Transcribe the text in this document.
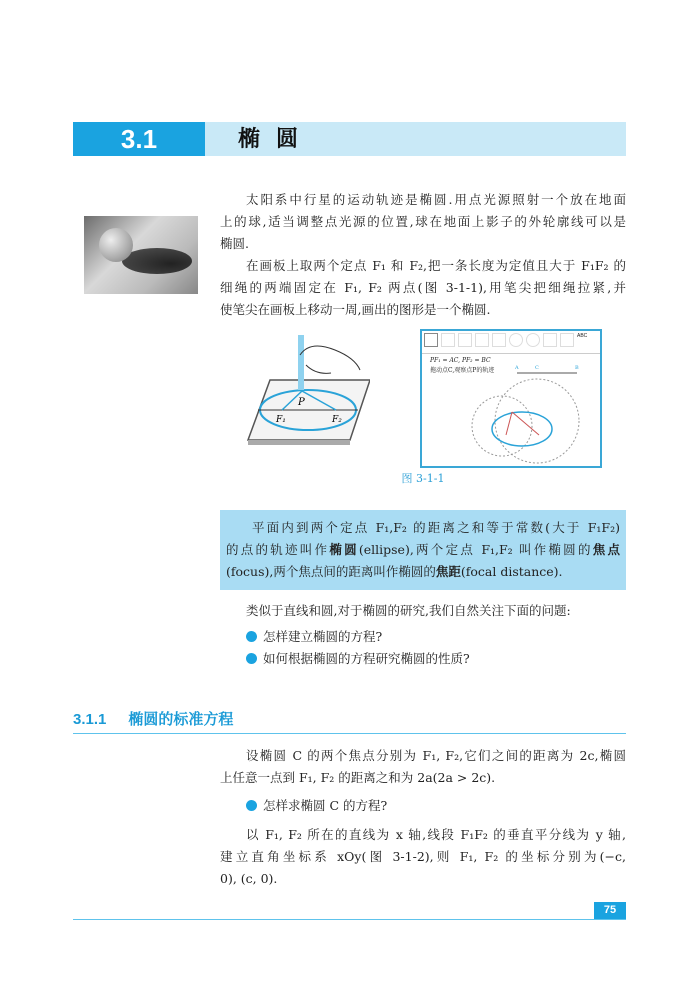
3.1	椭圆
太阳系中行星的运动轨迹是椭圆.用点光源照射一个放在地面
上的球,适当调整点光源的位置,球在地面上影子的外轮廓线可以是
椭圆.
在画板上取两个定点 F₁ 和 F₂,把一条长度为定值且大于 F₁F₂ 的
细绳的两端固定在 F₁, F₂ 两点(图 3-1-1),用笔尖把细绳拉紧,并
使笔尖在画板上移动一周,画出的图形是一个椭圆.
P
F₁	F₂
ABC
PF₁ = AC, PF₂ = BC
拖动点C,观察点P的轨迹	A	C	B
图 3-1-1
平面内到两个定点 F₁,F₂ 的距离之和等于常数(大于 F₁F₂)
的点的轨迹叫作椭圆(ellipse),两个定点 F₁,F₂ 叫作椭圆的焦点
(focus),两个焦点间的距离叫作椭圆的焦距(focal distance).
类似于直线和圆,对于椭圆的研究,我们自然关注下面的问题:
怎样建立椭圆的方程?
如何根据椭圆的方程研究椭圆的性质?
3.1.1 椭圆的标准方程
设椭圆 C 的两个焦点分别为 F₁, F₂,它们之间的距离为 2c,椭圆
上任意一点到 F₁, F₂ 的距离之和为 2a(2a > 2c).
怎样求椭圆 C 的方程?
以 F₁, F₂ 所在的直线为 x 轴,线段 F₁F₂ 的垂直平分线为 y 轴,
建立直角坐标系 xOy(图 3-1-2),则 F₁, F₂ 的坐标分别为(−c,
0), (c, 0).
75
